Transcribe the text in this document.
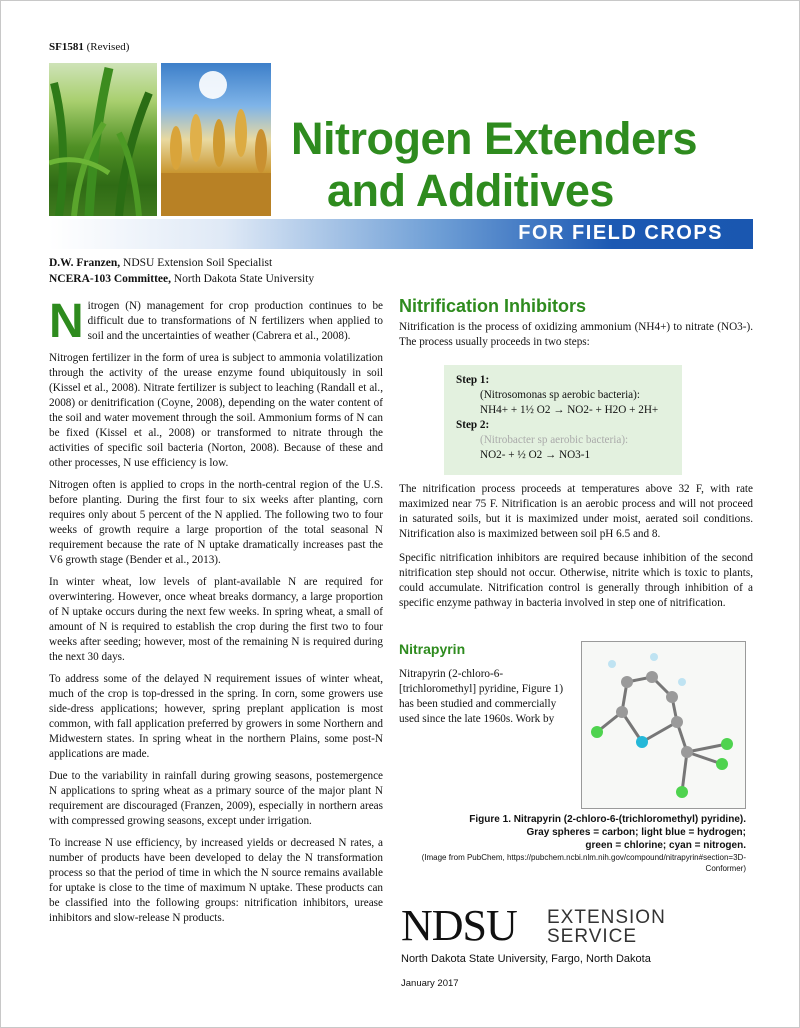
SF1581 (Revised)
Nitrogen Extenders
and Additives
FOR FIELD CROPS
D.W. Franzen, NDSU Extension Soil Specialist
NCERA-103 Committee, North Dakota State University

Nitrogen (N) management for crop production continues to be difficult due to transformations of N fertilizers when applied to soil and the uncertainties of weather (Cabrera et al., 2008).

Nitrogen fertilizer in the form of urea is subject to ammonia volatilization through the activity of the urease enzyme found ubiquitously in soil (Kissel et al., 2008). Nitrate fertilizer is subject to leaching (Randall et al., 2008) or denitrification (Coyne, 2008), depending on the water content of the soil and water movement through the soil. Ammonium forms of N can be fixed (Kissel et al., 2008) or transformed to nitrate through the activities of specific soil bacteria (Norton, 2008). Because of these and other processes, N use efficiency is low.

Nitrogen often is applied to crops in the north-central region of the U.S. before planting. During the first four to six weeks after planting, corn requires only about 5 percent of the N applied. The following two to four weeks of growth require a large proportion of the total seasonal N requirement because the rate of N uptake dramatically increases past the V6 growth stage (Bender et al., 2013).

In winter wheat, low levels of plant-available N are required for overwintering. However, once wheat breaks dormancy, a large proportion of N uptake occurs during the next few weeks. In spring wheat, a small of amount of N is required to establish the crop during the first two to four weeks after seeding; however, most of the remaining N is required during the next 30 days.

To address some of the delayed N requirement issues of winter wheat, much of the crop is top-dressed in the spring. In corn, some growers use side-dress applications; however, spring preplant application is most common, with fall application preferred by growers in some Northern and Midwestern states. In spring wheat in the northern Plains, some post-N applications are made.

Due to the variability in rainfall during growing seasons, postemergence N applications to spring wheat as a primary source of the major plant N requirement are discouraged (Franzen, 2009), especially in northern areas with compressed growing seasons, except under irrigation.

To increase N use efficiency, by increased yields or decreased N rates, a number of products have been developed to delay the N transformation process so that the period of time in which the N source remains available for uptake is close to the time of maximum N uptake. These products can be classified into the following groups: nitrification inhibitors, urease inhibitors and slow-release N products.

Nitrification Inhibitors

Nitrification is the process of oxidizing ammonium (NH4+) to nitrate (NO3-). The process usually proceeds in two steps:

Step 1:
(Nitrosomonas sp aerobic bacteria):
NH4+ + 1½ O2 → NO2- + H2O + 2H+
Step 2:
(Nitrobacter sp aerobic bacteria):
NO2- + ½ O2 → NO3-1

The nitrification process proceeds at temperatures above 32 F, with rate maximized near 75 F. Nitrification is an aerobic process and will not proceed in saturated soils, but it is maximized under moist, aerated soil conditions. Nitrification also is maximized between soil pH 6.5 and 8.

Specific nitrification inhibitors are required because inhibition of the second nitrification step should not occur. Otherwise, nitrite which is toxic to plants, could accumulate. Nitrification control is generally through inhibition of a specific enzyme pathway in bacteria involved in step one of nitrification.

Nitrapyrin

Nitrapyrin (2-chloro-6-[trichloromethyl] pyridine, Figure 1) has been studied and commercially used since the late 1960s. Work by

Figure 1. Nitrapyrin (2-chloro-6-(trichloromethyl) pyridine).
Gray spheres = carbon; light blue = hydrogen;
green = chlorine; cyan = nitrogen.
(Image from PubChem, https://pubchem.ncbi.nlm.nih.gov/compound/nitrapyrin#section=3D-Conformer)
NDSU EXTENSION
SERVICE
North Dakota State University, Fargo, North Dakota
January 2017
